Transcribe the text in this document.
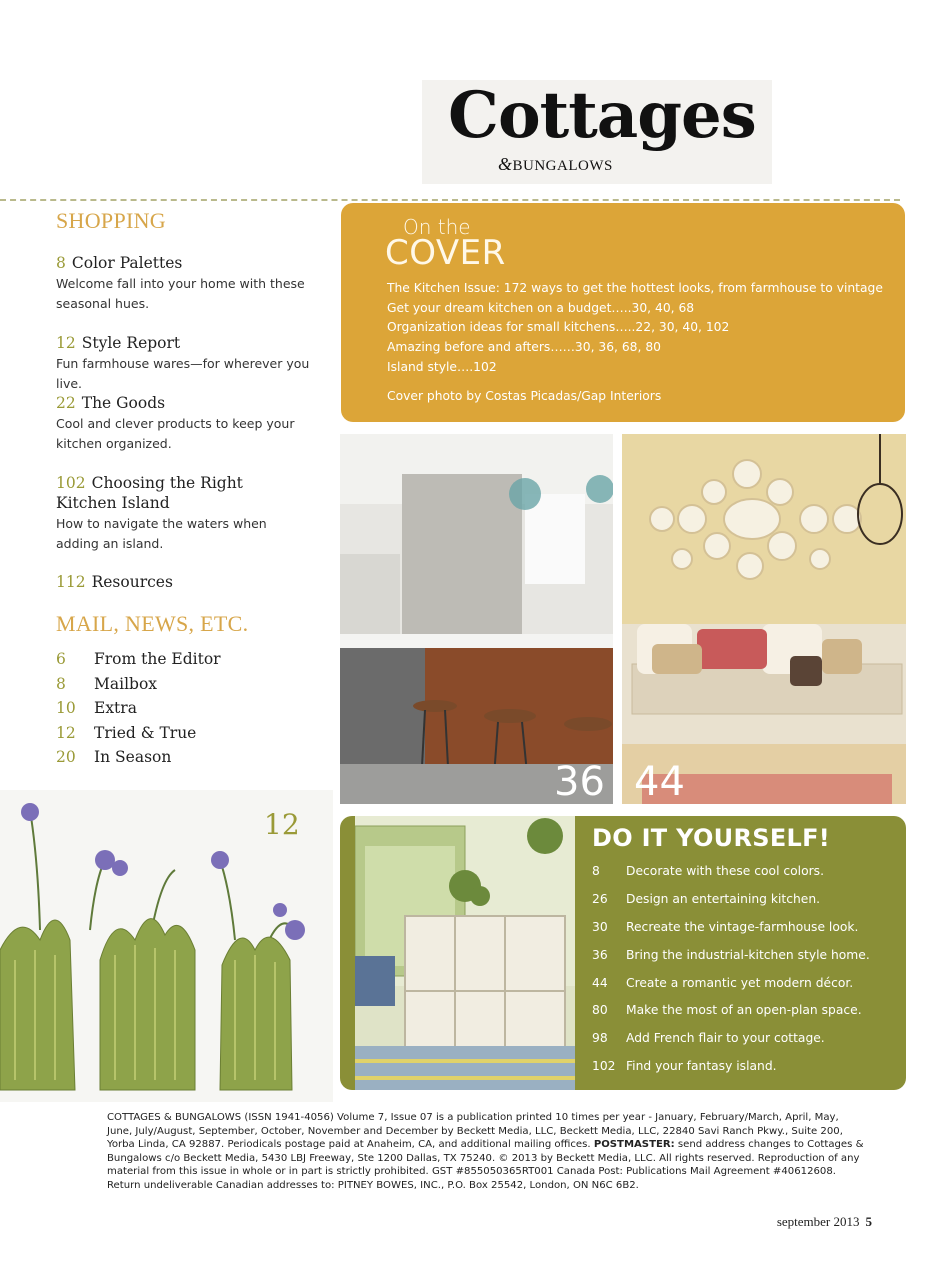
Cottages
&BUNGALOWS
SHOPPING
8 Color Palettes
Welcome fall into your home with these seasonal hues.
12 Style Report
Fun farmhouse wares—for wherever you live.
22 The Goods
Cool and clever products to keep your kitchen organized.
102 Choosing the Right Kitchen Island
How to navigate the waters when adding an island.
112 Resources
MAIL, NEWS, ETC.
6 From the Editor
8 Mailbox
10 Extra
12 Tried & True
20 In Season
12
On the
COVER
The Kitchen Issue: 172 ways to get the hottest looks, from farmhouse to vintage
Get your dream kitchen on a budget…..30, 40, 68
Organization ideas for small kitchens…..22, 30, 40, 102
Amazing before and afters……30, 36, 68, 80
Island style….102
Cover photo by Costas Picadas/Gap Interiors
36 44
DO IT YOURSELF!
8 Decorate with these cool colors.
26 Design an entertaining kitchen.
30 Recreate the vintage-farmhouse look.
36 Bring the industrial-kitchen style home.
44 Create a romantic yet modern décor.
80 Make the most of an open-plan space.
98 Add French flair to your cottage.
102 Find your fantasy island.
COTTAGES & BUNGALOWS (ISSN 1941-4056) Volume 7, Issue 07 is a publication printed 10 times per year - January, February/March, April, May, June, July/August, September, October, November and December by Beckett Media, LLC, Beckett Media, LLC, 22840 Savi Ranch Pkwy., Suite 200, Yorba Linda, CA 92887. Periodicals postage paid at Anaheim, CA, and additional mailing offices. POSTMASTER: send address changes to Cottages & Bungalows c/o Beckett Media, 5430 LBJ Freeway, Ste 1200 Dallas, TX 75240. © 2013 by Beckett Media, LLC. All rights reserved. Reproduction of any material from this issue in whole or in part is strictly prohibited. GST #855050365RT001 Canada Post: Publications Mail Agreement #40612608. Return undeliverable Canadian addresses to: PITNEY BOWES, INC., P.O. Box 25542, London, ON N6C 6B2.
september 2013 5
